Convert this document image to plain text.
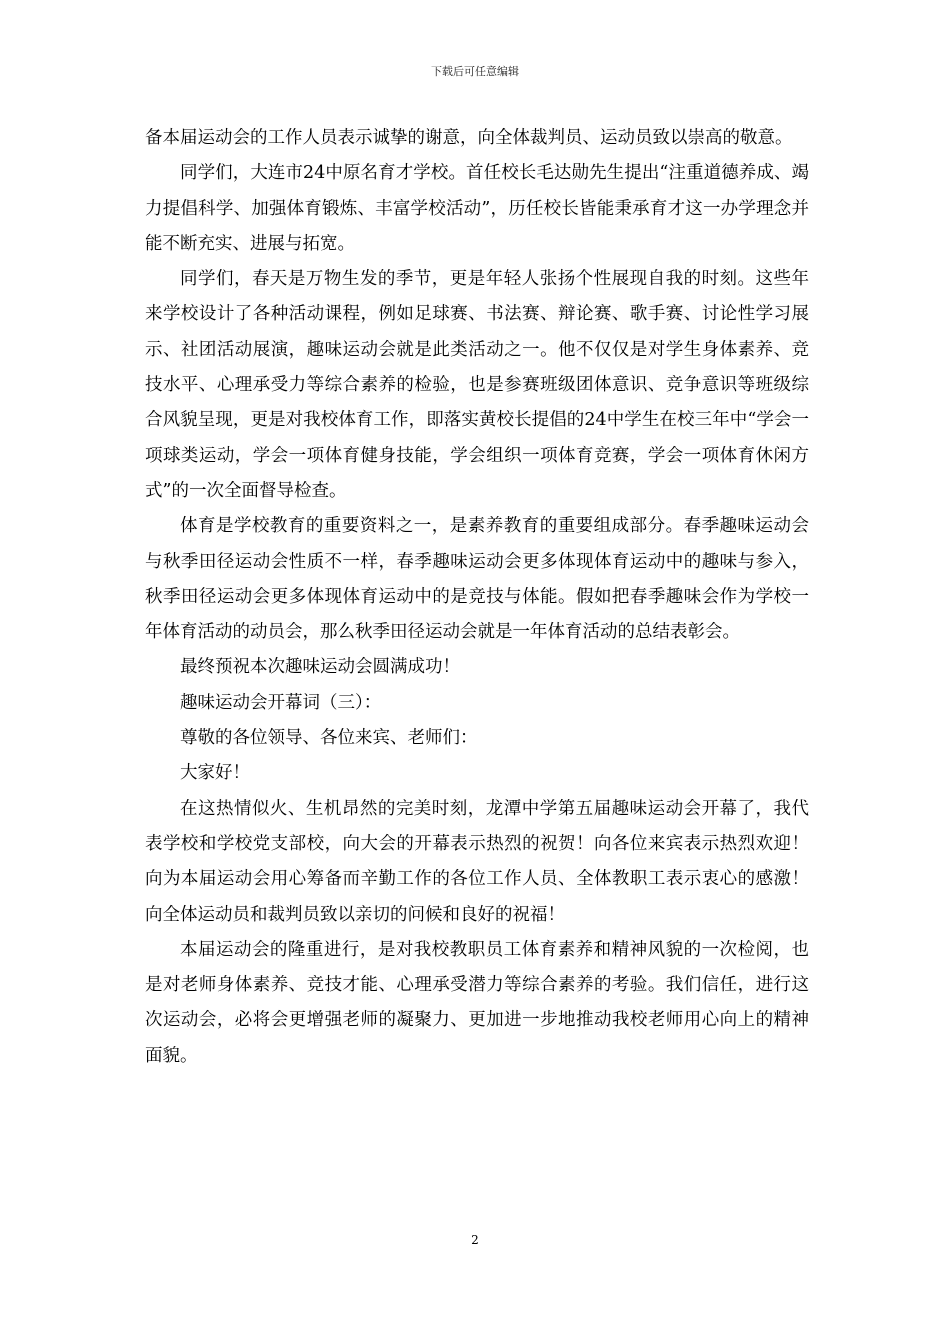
下载后可任意编辑

备本届运动会的工作人员表示诚挚的谢意，向全体裁判员、运动员致以崇高的敬意。

同学们，大连市24中原名育才学校。首任校长毛达勋先生提出“注重道德养成、竭力提倡科学、加强体育锻炼、丰富学校活动”，历任校长皆能秉承育才这一办学理念并能不断充实、进展与拓宽。

同学们，春天是万物生发的季节，更是年轻人张扬个性展现自我的时刻。这些年来学校设计了各种活动课程，例如足球赛、书法赛、辩论赛、歌手赛、讨论性学习展示、社团活动展演，趣味运动会就是此类活动之一。他不仅仅是对学生身体素养、竞技水平、心理承受力等综合素养的检验，也是参赛班级团体意识、竞争意识等班级综合风貌呈现，更是对我校体育工作，即落实黄校长提倡的24中学生在校三年中“学会一项球类运动，学会一项体育健身技能，学会组织一项体育竞赛，学会一项体育休闲方式”的一次全面督导检查。

体育是学校教育的重要资料之一，是素养教育的重要组成部分。春季趣味运动会与秋季田径运动会性质不一样，春季趣味运动会更多体现体育运动中的趣味与参入，秋季田径运动会更多体现体育运动中的是竞技与体能。假如把春季趣味会作为学校一年体育活动的动员会，那么秋季田径运动会就是一年体育活动的总结表彰会。

最终预祝本次趣味运动会圆满成功！

趣味运动会开幕词（三）：

尊敬的各位领导、各位来宾、老师们：

大家好！

在这热情似火、生机昂然的完美时刻，龙潭中学第五届趣味运动会开幕了，我代表学校和学校党支部校，向大会的开幕表示热烈的祝贺！向各位来宾表示热烈欢迎！向为本届运动会用心筹备而辛勤工作的各位工作人员、全体教职工表示衷心的感激！向全体运动员和裁判员致以亲切的问候和良好的祝福！

本届运动会的隆重进行，是对我校教职员工体育素养和精神风貌的一次检阅，也是对老师身体素养、竞技才能、心理承受潜力等综合素养的考验。我们信任，进行这次运动会，必将会更增强老师的凝聚力、更加进一步地推动我校老师用心向上的精神面貌。

2
